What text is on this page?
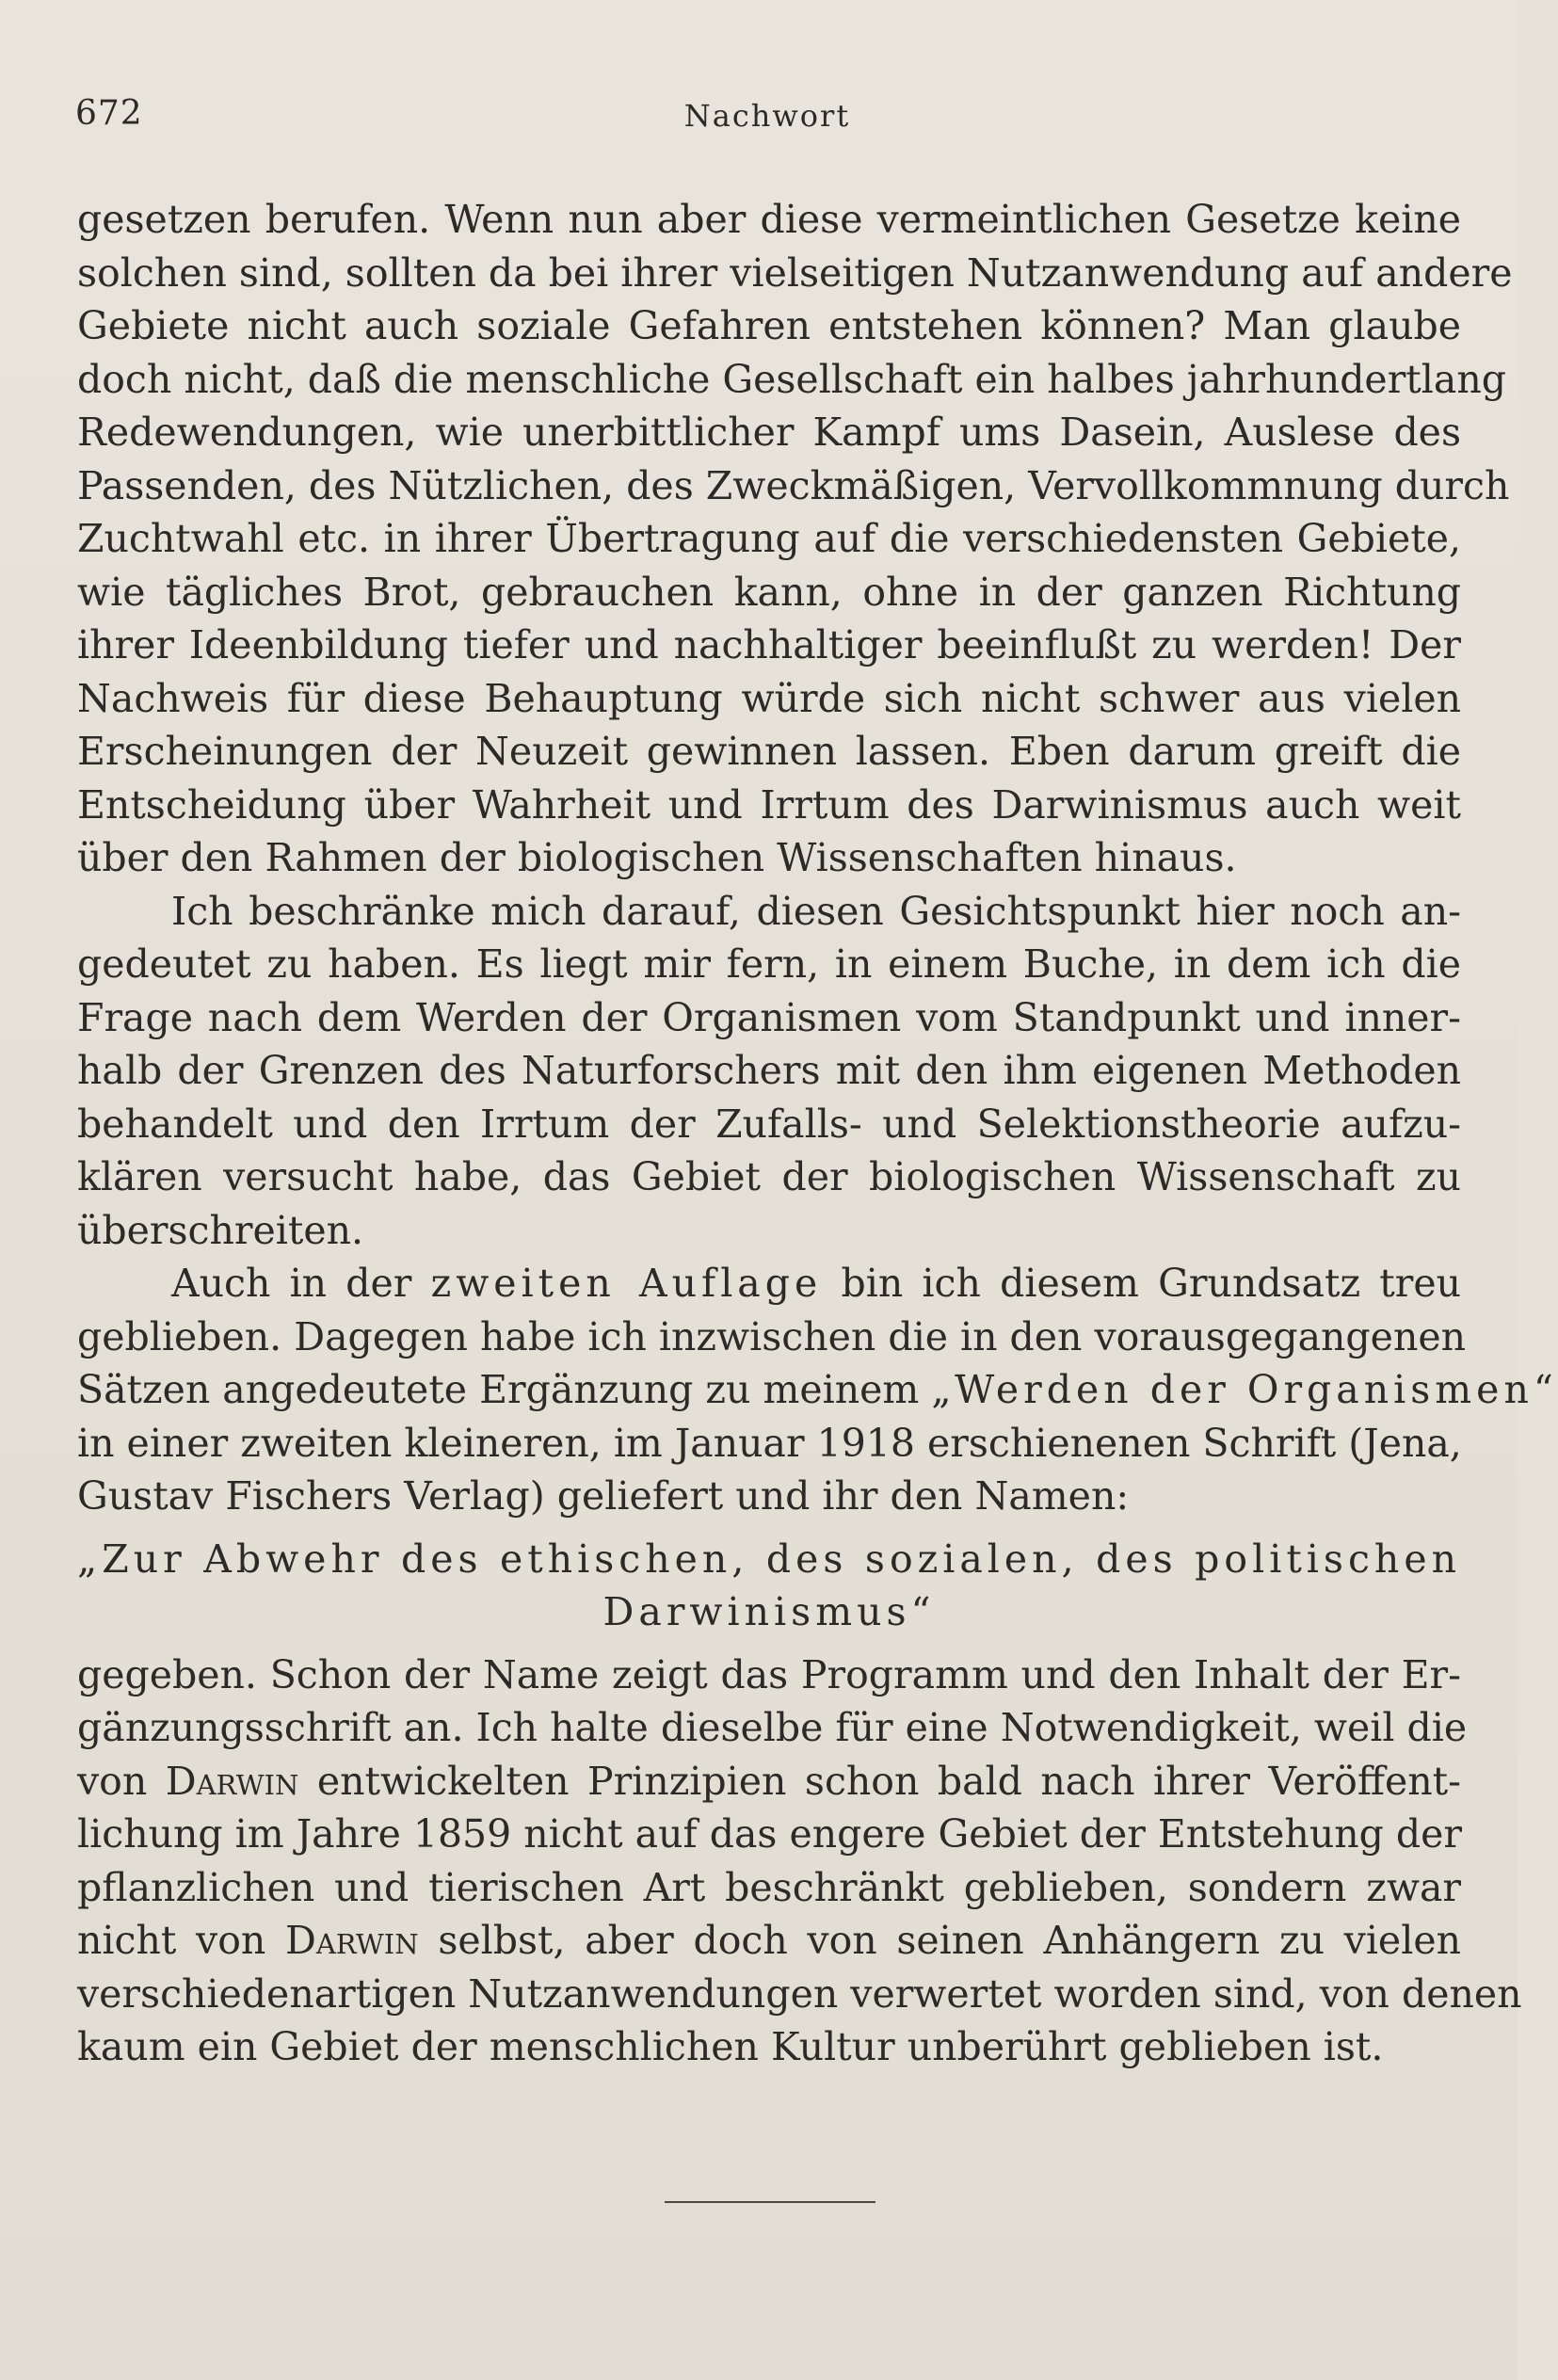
672	Nachwort
gesetzen berufen. Wenn nun aber diese vermeintlichen Gesetze keine
solchen sind, sollten da bei ihrer vielseitigen Nutzanwendung auf andere
Gebiete nicht auch soziale Gefahren entstehen können? Man glaube
doch nicht, daß die menschliche Gesellschaft ein halbes jahrhundertlang
Redewendungen, wie unerbittlicher Kampf ums Dasein, Auslese des
Passenden, des Nützlichen, des Zweckmäßigen, Vervollkommnung durch
Zuchtwahl etc. in ihrer Übertragung auf die verschiedensten Gebiete,
wie tägliches Brot, gebrauchen kann, ohne in der ganzen Richtung
ihrer Ideenbildung tiefer und nachhaltiger beeinflußt zu werden! Der
Nachweis für diese Behauptung würde sich nicht schwer aus vielen
Erscheinungen der Neuzeit gewinnen lassen. Eben darum greift die
Entscheidung über Wahrheit und Irrtum des Darwinismus auch weit
über den Rahmen der biologischen Wissenschaften hinaus.
Ich beschränke mich darauf, diesen Gesichtspunkt hier noch an-
gedeutet zu haben. Es liegt mir fern, in einem Buche, in dem ich die
Frage nach dem Werden der Organismen vom Standpunkt und inner-
halb der Grenzen des Naturforschers mit den ihm eigenen Methoden
behandelt und den Irrtum der Zufalls- und Selektionstheorie aufzu-
klären versucht habe, das Gebiet der biologischen Wissenschaft zu
überschreiten.
Auch in der zweiten Auflage bin ich diesem Grundsatz treu
geblieben. Dagegen habe ich inzwischen die in den vorausgegangenen
Sätzen angedeutete Ergänzung zu meinem „Werden der Organismen“
in einer zweiten kleineren, im Januar 1918 erschienenen Schrift (Jena,
Gustav Fischers Verlag) geliefert und ihr den Namen:
„Zur Abwehr des ethischen, des sozialen, des politischen
Darwinismus“
gegeben. Schon der Name zeigt das Programm und den Inhalt der Er-
gänzungsschrift an. Ich halte dieselbe für eine Notwendigkeit, weil die
von Darwin entwickelten Prinzipien schon bald nach ihrer Veröffent-
lichung im Jahre 1859 nicht auf das engere Gebiet der Entstehung der
pflanzlichen und tierischen Art beschränkt geblieben, sondern zwar
nicht von Darwin selbst, aber doch von seinen Anhängern zu vielen
verschiedenartigen Nutzanwendungen verwertet worden sind, von denen
kaum ein Gebiet der menschlichen Kultur unberührt geblieben ist.
